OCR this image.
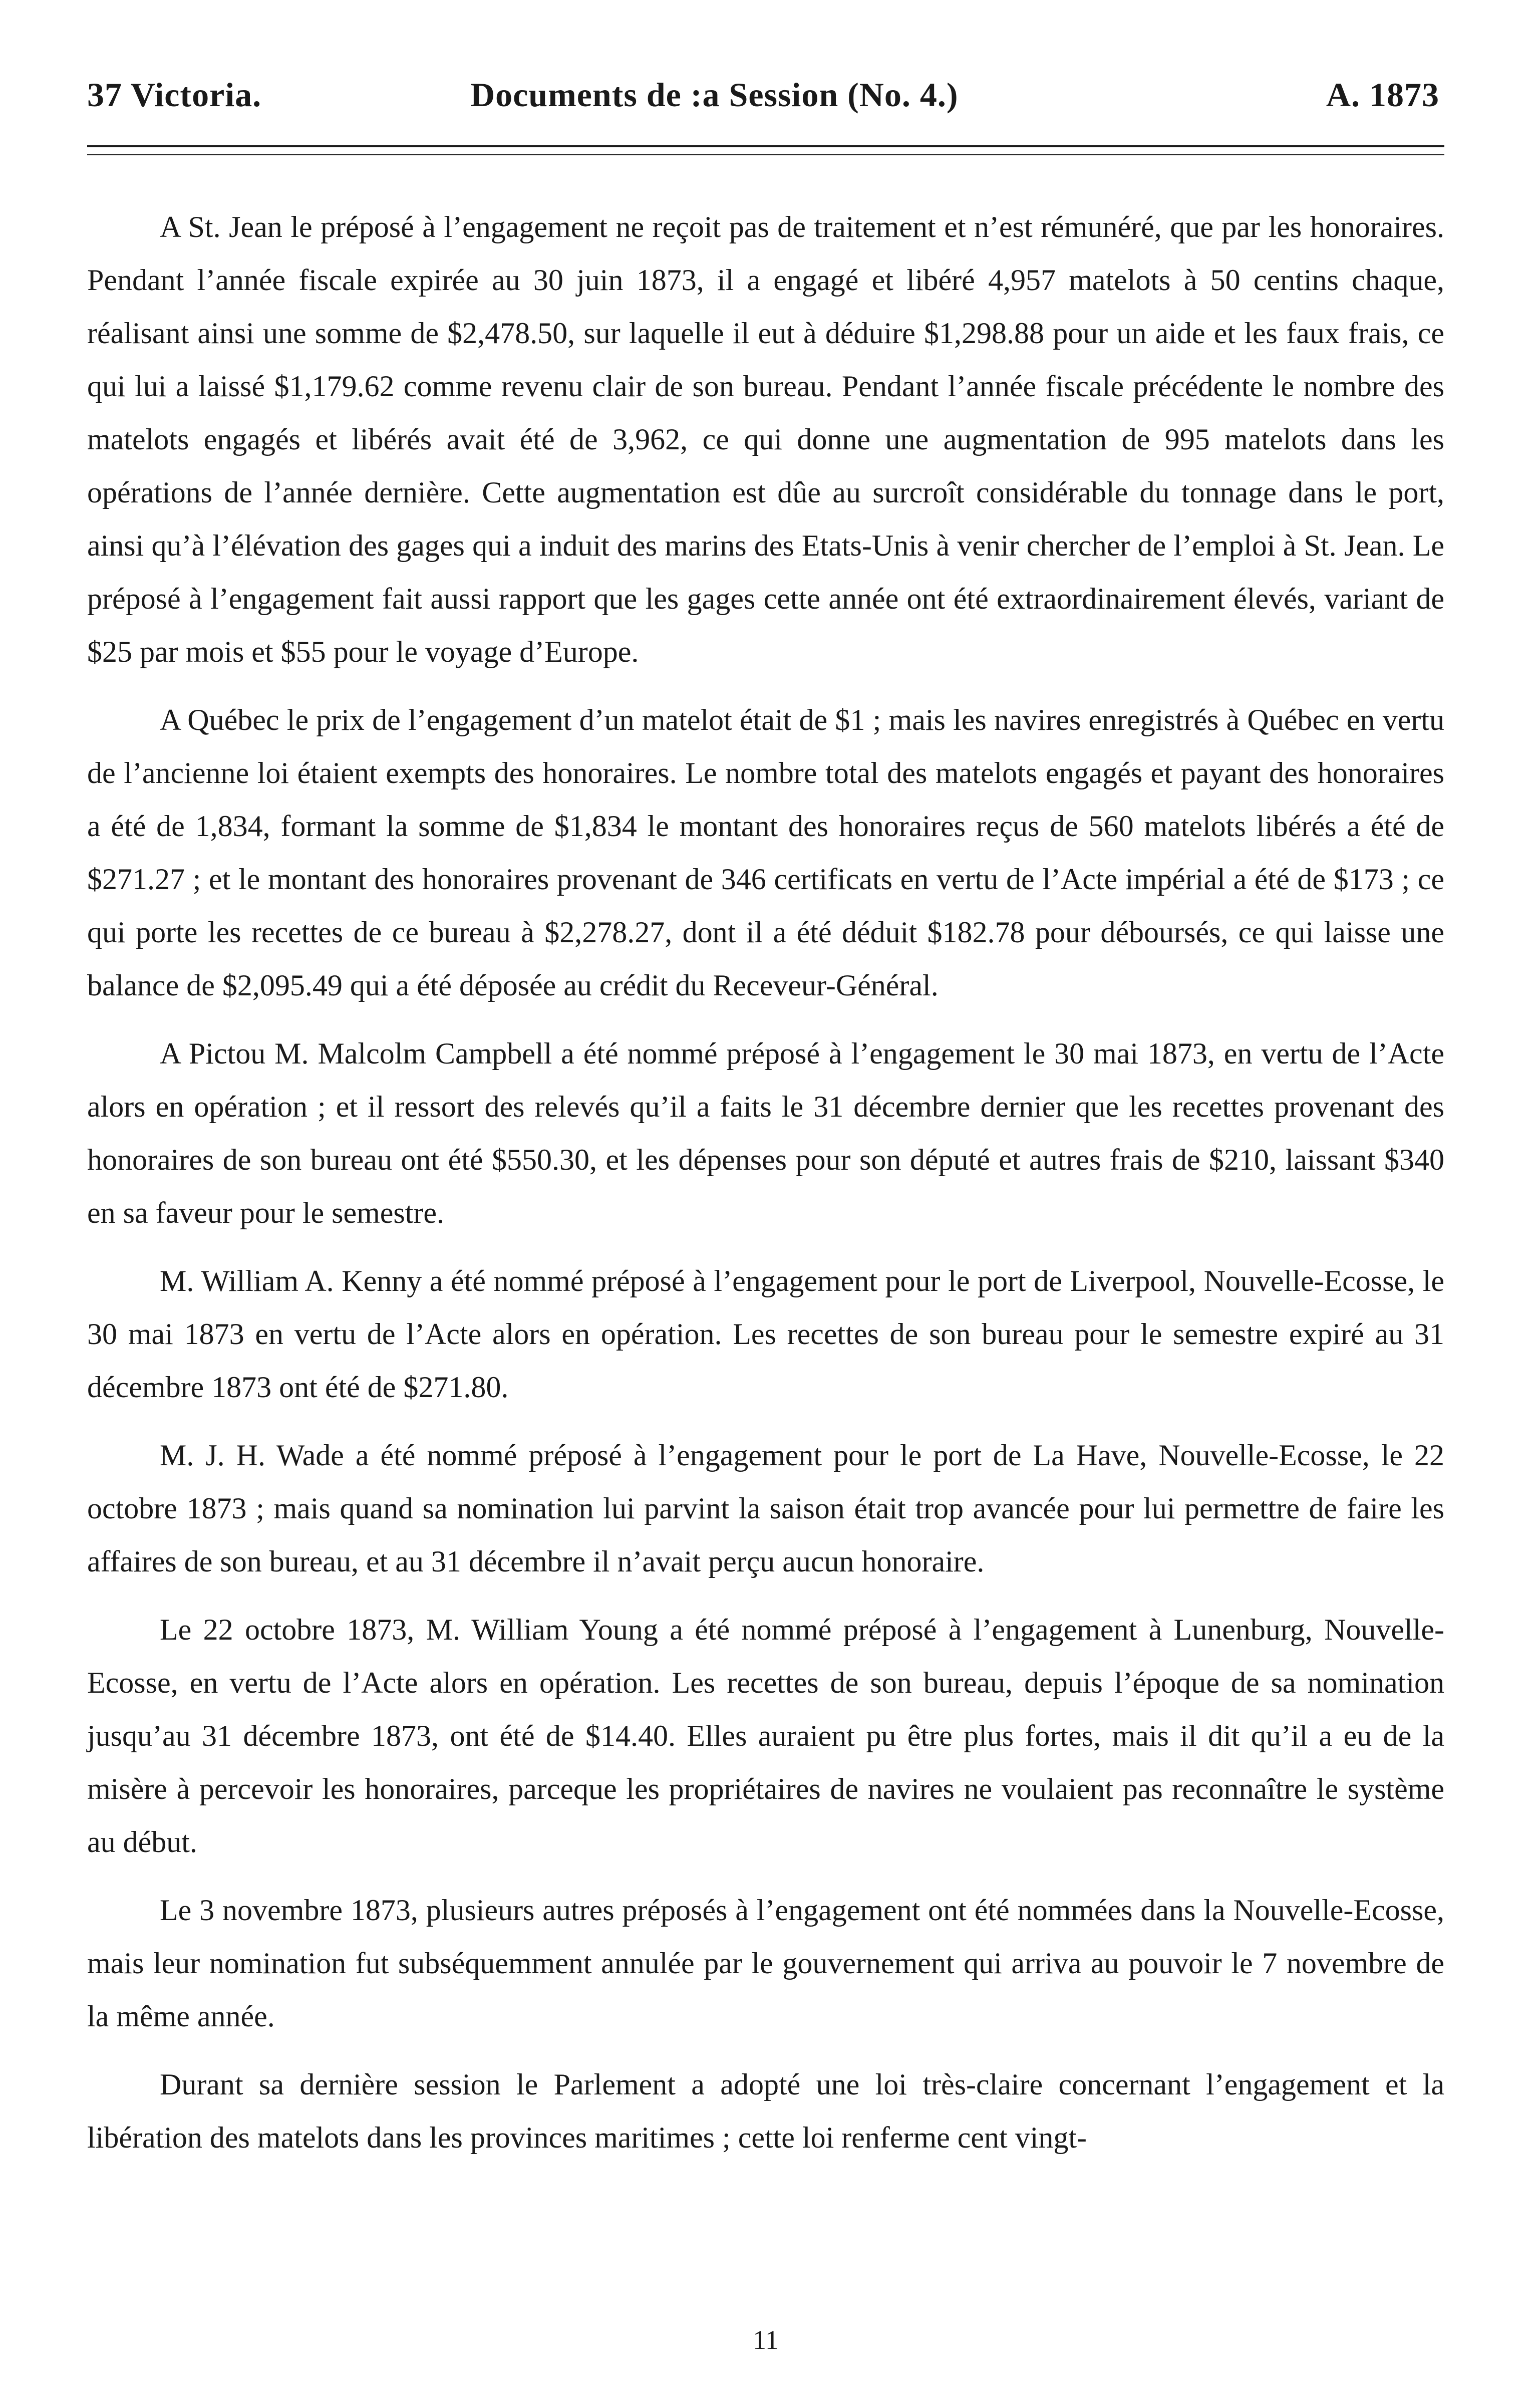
37 Victoria.	Documents de :a Session (No. 4.)	A. 1873

A St. Jean le préposé à l’engagement ne reçoit pas de traitement et n’est rémunéré, que par les honoraires. Pendant l’année fiscale expirée au 30 juin 1873, il a engagé et libéré 4,957 matelots à 50 centins chaque, réalisant ainsi une somme de $2,478.50, sur laquelle il eut à déduire $1,298.88 pour un aide et les faux frais, ce qui lui a laissé $1,179.62 comme revenu clair de son bureau. Pendant l’année fiscale précédente le nombre des matelots engagés et libérés avait été de 3,962, ce qui donne une augmentation de 995 matelots dans les opérations de l’année dernière. Cette augmentation est dûe au surcroît considérable du tonnage dans le port, ainsi qu’à l’élévation des gages qui a induit des marins des Etats-Unis à venir chercher de l’emploi à St. Jean. Le préposé à l’engagement fait aussi rapport que les gages cette année ont été extraordinairement élevés, variant de $25 par mois et $55 pour le voyage d’Europe.

A Québec le prix de l’engagement d’un matelot était de $1 ; mais les navires enregistrés à Québec en vertu de l’ancienne loi étaient exempts des honoraires. Le nombre total des matelots engagés et payant des honoraires a été de 1,834, formant la somme de $1,834 le montant des honoraires reçus de 560 matelots libérés a été de $271.27 ; et le montant des honoraires provenant de 346 certificats en vertu de l’Acte impérial a été de $173 ; ce qui porte les recettes de ce bureau à $2,278.27, dont il a été déduit $182.78 pour déboursés, ce qui laisse une balance de $2,095.49 qui a été déposée au crédit du Receveur-Général.

A Pictou M. Malcolm Campbell a été nommé préposé à l’engagement le 30 mai 1873, en vertu de l’Acte alors en opération ; et il ressort des relevés qu’il a faits le 31 décembre dernier que les recettes provenant des honoraires de son bureau ont été $550.30, et les dépenses pour son député et autres frais de $210, laissant $340 en sa faveur pour le semestre.

M. William A. Kenny a été nommé préposé à l’engagement pour le port de Liverpool, Nouvelle-Ecosse, le 30 mai 1873 en vertu de l’Acte alors en opération. Les recettes de son bureau pour le semestre expiré au 31 décembre 1873 ont été de $271.80.

M. J. H. Wade a été nommé préposé à l’engagement pour le port de La Have, Nouvelle-Ecosse, le 22 octobre 1873 ; mais quand sa nomination lui parvint la saison était trop avancée pour lui permettre de faire les affaires de son bureau, et au 31 décembre il n’avait perçu aucun honoraire.

Le 22 octobre 1873, M. William Young a été nommé préposé à l’engagement à Lunenburg, Nouvelle-Ecosse, en vertu de l’Acte alors en opération. Les recettes de son bureau, depuis l’époque de sa nomination jusqu’au 31 décembre 1873, ont été de $14.40. Elles auraient pu être plus fortes, mais il dit qu’il a eu de la misère à percevoir les honoraires, parceque les propriétaires de navires ne voulaient pas reconnaître le système au début.

Le 3 novembre 1873, plusieurs autres préposés à l’engagement ont été nommées dans la Nouvelle-Ecosse, mais leur nomination fut subséquemment annulée par le gouvernement qui arriva au pouvoir le 7 novembre de la même année.

Durant sa dernière session le Parlement a adopté une loi très-claire concernant l’engagement et la libération des matelots dans les provinces maritimes ; cette loi renferme cent vingt-

11
